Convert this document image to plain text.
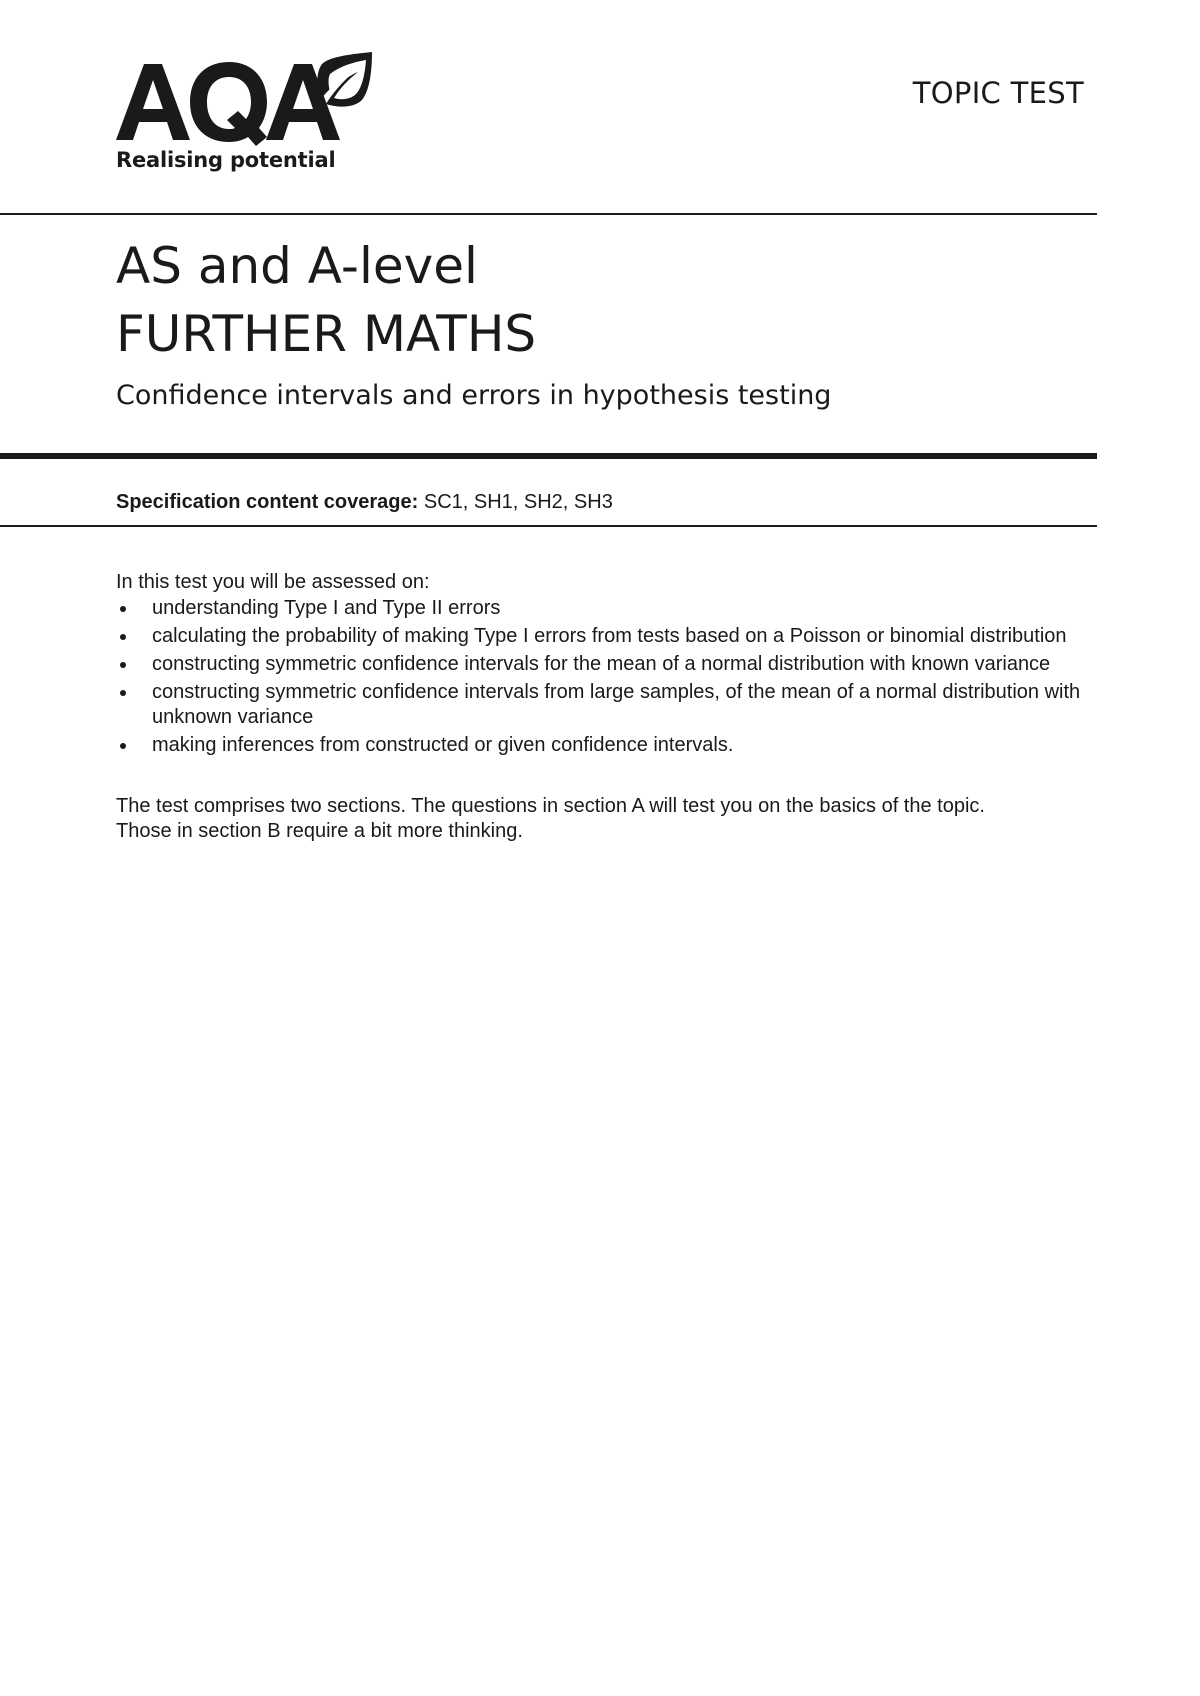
Realising potential
TOPIC TEST
AS and A-level
FURTHER MATHS
Confidence intervals and errors in hypothesis testing
Specification content coverage: SC1, SH1, SH2, SH3

In this test you will be assessed on:

understanding Type I and Type II errors
calculating the probability of making Type I errors from tests based on a Poisson or binomial distribution
constructing symmetric confidence intervals for the mean of a normal distribution with known variance
constructing symmetric confidence intervals from large samples, of the mean of a normal distribution with unknown variance
making inferences from constructed or given confidence intervals.

The test comprises two sections. The questions in section A will test you on the basics of the topic.

Those in section B require a bit more thinking.
